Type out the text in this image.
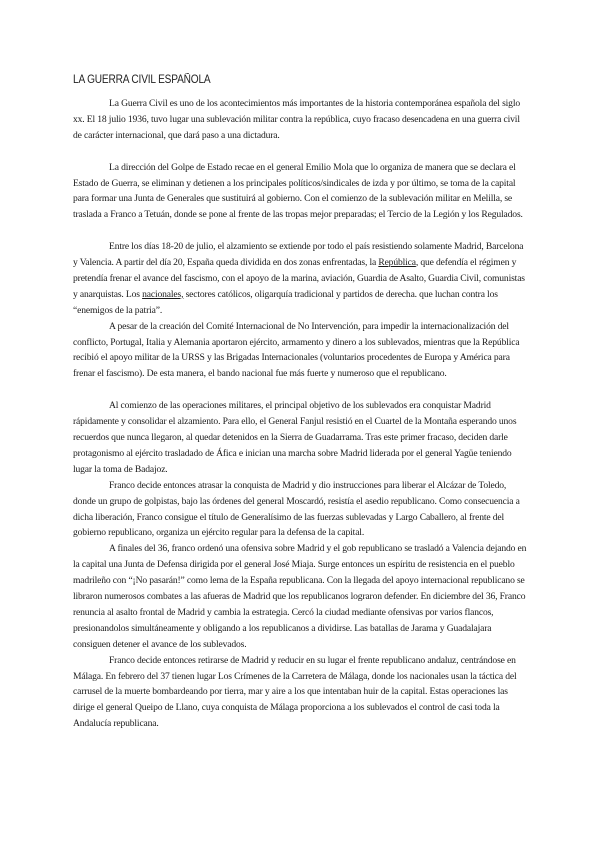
LA GUERRA CIVIL ESPAÑOLA

La Guerra Civil es uno de los acontecimientos más importantes de la historia contemporánea española del siglo xx. El 18 julio 1936, tuvo lugar una sublevación militar contra la república, cuyo fracaso desencadena en una guerra civil de carácter internacional, que dará paso a una dictadura.

La dirección del Golpe de Estado recae en el general Emilio Mola que lo organiza de manera que se declara el Estado de Guerra, se eliminan y detienen a los principales políticos/sindicales de izda y por último, se toma de la capital para formar una Junta de Generales que sustituirá al gobierno. Con el comienzo de la sublevación militar en Melilla, se traslada a Franco a Tetuán, donde se pone al frente de las tropas mejor preparadas; el Tercio de la Legión y los Regulados.

Entre los días 18-20 de julio, el alzamiento se extiende por todo el país resistiendo solamente Madrid, Barcelona y Valencia. A partir del día 20, España queda dividida en dos zonas enfrentadas, la República, que defendía el régimen y pretendía frenar el avance del fascismo, con el apoyo de la marina, aviación, Guardia de Asalto, Guardia Civil, comunistas y anarquistas. Los nacionales, sectores católicos, oligarquía tradicional y partidos de derecha. que luchan contra los “enemigos de la patria”.

A pesar de la creación del Comité Internacional de No Intervención, para impedir la internacionalización del conflicto, Portugal, Italia y Alemania aportaron ejército, armamento y dinero a los sublevados, mientras que la República recibió el apoyo militar de la URSS y las Brigadas Internacionales (voluntarios procedentes de Europa y América para frenar el fascismo). De esta manera, el bando nacional fue más fuerte y numeroso que el republicano.

Al comienzo de las operaciones militares, el principal objetivo de los sublevados era conquistar Madrid rápidamente y consolidar el alzamiento. Para ello, el General Fanjul resistió en el Cuartel de la Montaña esperando unos recuerdos que nunca llegaron, al quedar detenidos en la Sierra de Guadarrama. Tras este primer fracaso, deciden darle protagonismo al ejército trasladado de Áfica e inician una marcha sobre Madrid liderada por el general Yagüe teniendo lugar la toma de Badajoz.

Franco decide entonces atrasar la conquista de Madrid y dio instrucciones para liberar el Alcázar de Toledo, donde un grupo de golpistas, bajo las órdenes del general Moscardó, resistía el asedio republicano. Como consecuencia a dicha liberación, Franco consigue el título de Generalísimo de las fuerzas sublevadas y Largo Caballero, al frente del gobierno republicano, organiza un ejército regular para la defensa de la capital.

A finales del 36, franco ordenó una ofensiva sobre Madrid y el gob republicano se trasladó a Valencia dejando en la capital una Junta de Defensa dirigida por el general José Miaja. Surge entonces un espíritu de resistencia en el pueblo madrileño con “¡No pasarán!” como lema de la España republicana. Con la llegada del apoyo internacional republicano se libraron numerosos combates a las afueras de Madrid que los republicanos lograron defender. En diciembre del 36, Franco renuncia al asalto frontal de Madrid y cambia la estrategia. Cercó la ciudad mediante ofensivas por varios flancos, presionandolos simultáneamente y obligando a los republicanos a dividirse. Las batallas de Jarama y Guadalajara consiguen detener el avance de los sublevados.

Franco decide entonces retirarse de Madrid y reducir en su lugar el frente republicano andaluz, centrándose en Málaga. En febrero del 37 tienen lugar Los Crímenes de la Carretera de Málaga, donde los nacionales usan la táctica del carrusel de la muerte bombardeando por tierra, mar y aire a los que intentaban huir de la capital. Estas operaciones las dirige el general Queipo de Llano, cuya conquista de Málaga proporciona a los sublevados el control de casi toda la Andalucía republicana.
